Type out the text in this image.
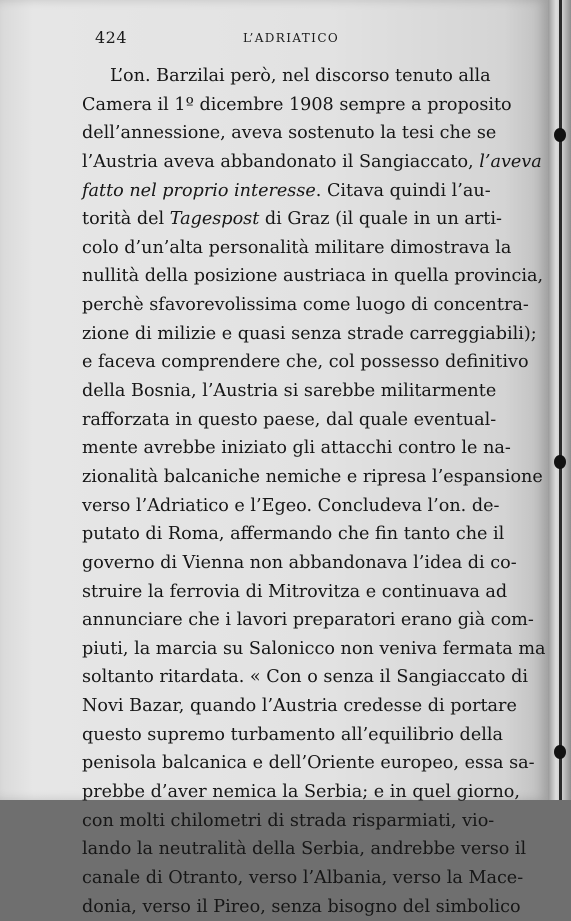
424	L’ADRIATICO
L’on. Barzilai però, nel discorso tenuto alla
Camera il 1º dicembre 1908 sempre a proposito
dell’annessione, aveva sostenuto la tesi che se
l’Austria aveva abbandonato il Sangiaccato, l’aveva
fatto nel proprio interesse. Citava quindi l’au-
torità del Tagespost di Graz (il quale in un arti-
colo d’un’alta personalità militare dimostrava la
nullità della posizione austriaca in quella provincia,
perchè sfavorevolissima come luogo di concentra-
zione di milizie e quasi senza strade carreggiabili);
e faceva comprendere che, col possesso definitivo
della Bosnia, l’Austria si sarebbe militarmente
rafforzata in questo paese, dal quale eventual-
mente avrebbe iniziato gli attacchi contro le na-
zionalità balcaniche nemiche e ripresa l’espansione
verso l’Adriatico e l’Egeo. Concludeva l’on. de-
putato di Roma, affermando che fin tanto che il
governo di Vienna non abbandonava l’idea di co-
struire la ferrovia di Mitrovitza e continuava ad
annunciare che i lavori preparatori erano già com-
piuti, la marcia su Salonicco non veniva fermata ma
soltanto ritardata. « Con o senza il Sangiaccato di
Novi Bazar, quando l’Austria credesse di portare
questo supremo turbamento all’equilibrio della
penisola balcanica e dell’Oriente europeo, essa sa-
prebbe d’aver nemica la Serbia; e in quel giorno,
con molti chilometri di strada risparmiati, vio-
lando la neutralità della Serbia, andrebbe verso il
canale di Otranto, verso l’Albania, verso la Mace-
donia, verso il Pireo, senza bisogno del simbolico
